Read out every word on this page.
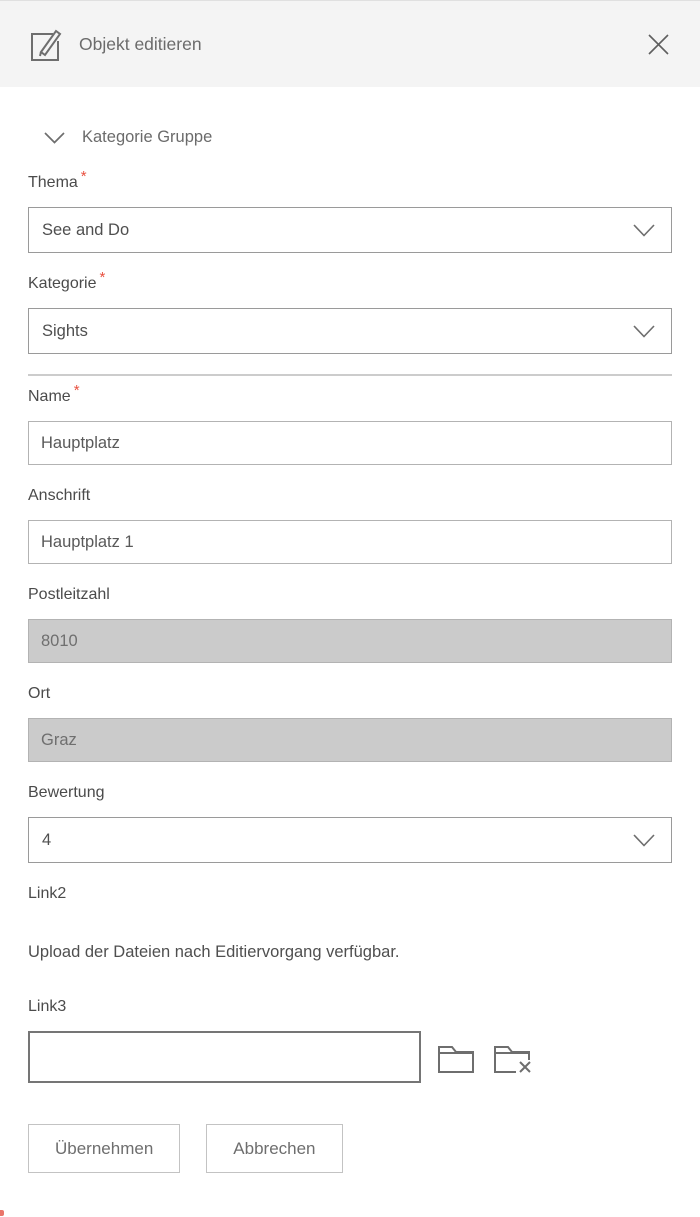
Objekt editieren
Kategorie Gruppe
Thema *
See and Do
Kategorie *
Sights
Name *
Hauptplatz
Anschrift
Hauptplatz 1
Postleitzahl
8010
Ort
Graz
Bewertung
4
Link2
Upload der Dateien nach Editiervorgang verfügbar.
Link3
Übernehmen	Abbrechen
